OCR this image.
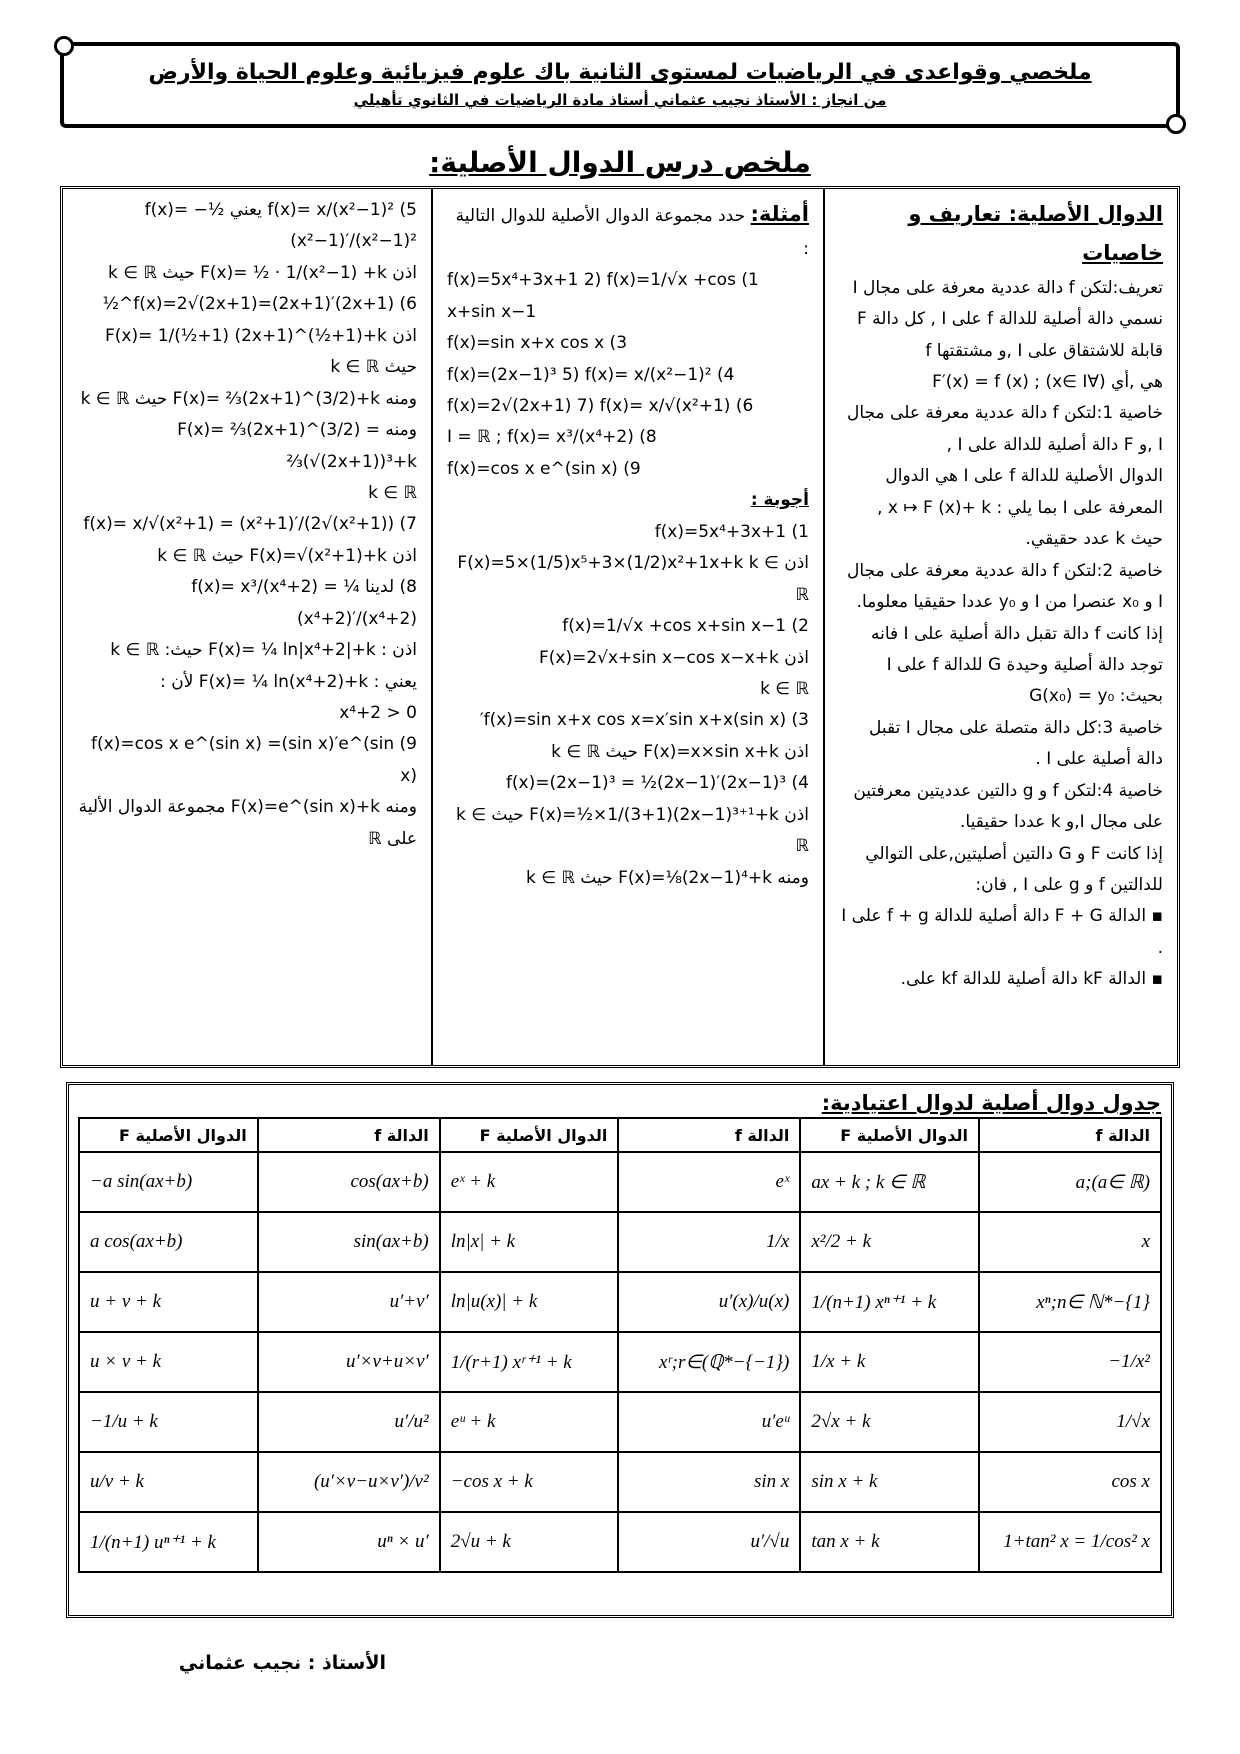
ملخصي وقواعدى في الرياضيات لمستوى الثانية باك علوم فيزيائية وعلوم الحياة والأرض
من انجاز : الأستاذ نجيب عثماني أستاذ مادة الرياضيات في الثانوي تأهيلي
ملخص درس الدوال الأصلية:
الدوال الأصلية: تعاريف و خاصيات
تعريف:لتكن f دالة عددية معرفة على مجال I
نسمي دالة أصلية للدالة f على I , كل دالة F قابلة للاشتقاق على I ,و مشتقتها f
هي ,أي (∀x∈ I) ; F′(x) = f (x)
خاصية 1:لتكن f دالة عددية معرفة على مجال I ,و F دالة أصلية للدالة على I ,
الدوال الأصلية للدالة f على I هي الدوال المعرفة على I بما يلي : x ↦ F (x)+ k ,
حيث k عدد حقيقي.
خاصية 2:لتكن f دالة عددية معرفة على مجال I و x₀ عنصرا من I و y₀ عددا حقيقيا معلوما.
إذا كانت f دالة تقبل دالة أصلية على I فانه توجد دالة أصلية وحيدة G للدالة f على I
بحيث: G(x₀) = y₀
خاصية 3:كل دالة متصلة على مجال I تقبل دالة أصلية على I .
خاصية 4:لتكن f و g دالتين عدديتين معرفتين على مجال I,و k عددا حقيقيا.
إذا كانت F و G دالتين أصليتين,على التوالي للدالتين f و g على I , فان:
▪ الدالة F + G دالة أصلية للدالة f + g على I .
▪ الدالة kF دالة أصلية للدالة kf على.
أمثلة: حدد مجموعة الدوال الأصلية للدوال التالية :
1) f(x)=5x⁴+3x+1 2) f(x)=1/√x +cos x+sin x−1
3) f(x)=sin x+x cos x
4) f(x)=(2x−1)³ 5) f(x)= x/(x²−1)²
6) f(x)=2√(2x+1) 7) f(x)= x/√(x²+1)
8) I = ℝ ; f(x)= x³/(x⁴+2)
9) f(x)=cos x e^(sin x)
أجوبة :
1) f(x)=5x⁴+3x+1
اذن F(x)=5×(1/5)x⁵+3×(1/2)x²+1x+k k ∈ ℝ
2) f(x)=1/√x +cos x+sin x−1
اذن F(x)=2√x+sin x−cos x−x+k
k ∈ ℝ
3) f(x)=sin x+x cos x=x′sin x+x(sin x)′
اذن F(x)=x×sin x+k حيث k ∈ ℝ
4) f(x)=(2x−1)³ = ½(2x−1)′(2x−1)³
اذن F(x)=½×1/(3+1)(2x−1)³⁺¹+k حيث k ∈ ℝ
ومنه F(x)=⅛(2x−1)⁴+k حيث k ∈ ℝ
5) f(x)= x/(x²−1)² يعني f(x)= −½ (x²−1)′/(x²−1)²
اذن F(x)= ½ · 1/(x²−1) +k حيث k ∈ ℝ
6) f(x)=2√(2x+1)=(2x+1)′(2x+1)^½
اذن F(x)= 1/(½+1) (2x+1)^(½+1)+k حيث k ∈ ℝ
ومنه F(x)= ⅔(2x+1)^(3/2)+k حيث k ∈ ℝ
ومنه F(x)= ⅔(2x+1)^(3/2) = ⅔(√(2x+1))³+k
k ∈ ℝ
7) f(x)= x/√(x²+1) = (x²+1)′/(2√(x²+1))
اذن F(x)=√(x²+1)+k حيث k ∈ ℝ
8) لدينا f(x)= x³/(x⁴+2) = ¼ (x⁴+2)′/(x⁴+2)
اذن : F(x)= ¼ ln|x⁴+2|+k حيث: k ∈ ℝ
يعني : F(x)= ¼ ln(x⁴+2)+k لأن :
x⁴+2 > 0
9) f(x)=cos x e^(sin x) =(sin x)′e^(sin x)
ومنه F(x)=e^(sin x)+k مجموعة الدوال الألية على ℝ
جدول دوال أصلية لدوال اعتيادية:
الدالة f	الدوال الأصلية F	الدالة f	الدوال الأصلية F	الدالة f	الدوال الأصلية F
a;(a∈ ℝ)	ax + k ; k ∈ ℝ	eˣ	eˣ + k	cos(ax+b)	−a sin(ax+b)
x	x²/2 + k	1/x	ln|x| + k	sin(ax+b)	a cos(ax+b)
xⁿ;n∈ ℕ*−{1}	1/(n+1) xⁿ⁺¹ + k	u′(x)/u(x)	ln|u(x)| + k	u′+v′	u + v + k
−1/x²	1/x + k	xʳ;r∈(ℚ*−{−1})	1/(r+1) xʳ⁺¹ + k	u′×v+u×v′	u × v + k
1/√x	2√x + k	u′eᵘ	eᵘ + k	u′/u²	−1/u + k
cos x	sin x + k	sin x	−cos x + k	(u′×v−u×v′)/v²	u/v + k
1+tan² x = 1/cos² x	tan x + k	u′/√u	2√u + k	uⁿ × u′	1/(n+1) uⁿ⁺¹ + k
الأستاذ : نجيب عثماني
